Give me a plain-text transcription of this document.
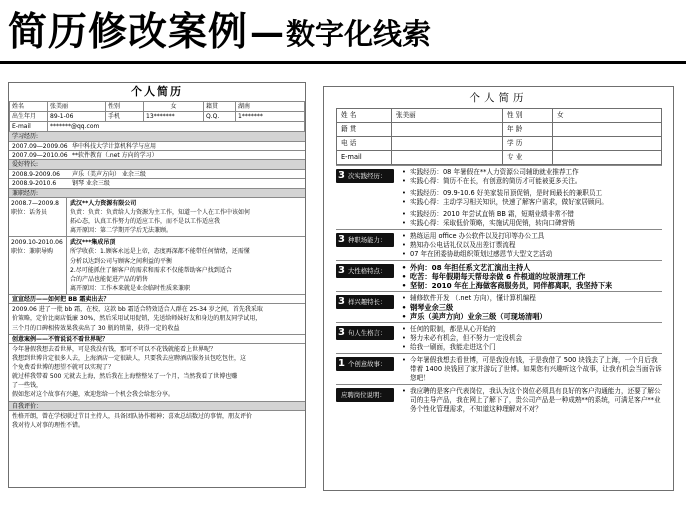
简历修改案例 — 数字化线索
个人简历
姓名	张美丽	性别	女	籍贯	湖南
出生年月	89-1-06	手机	13*******	Q.Q.	1*******
E-mail	*******@qq.com				
学习经历:
2007.09—2009.06 华中科技大学计算机科学与应用
2007.09—2010.06 **软件教育（.net 方向的学习）
爱好特长:
2008.9-2009.06 声乐（美声方向） 业余三级
2008.9-2010.6	钢琴 业余三级
兼职经历:
2008.7—2009.8
职位：话务员
武汉**人力资源有限公司
负责：负责：负责给人力资源为主工作，知道一个人在工作中该如何
拓心态，认真工作努力的适应工作，而不是以工作适应我
离开原因：第二学期开学后无法兼顾。
2009.10-2010.06
职位：兼职导购
武汉***集成吊顶
所学收获：1.顾客永远是上帝，态度再深都不能带任何情绪，还需懂
分析以达到公司与顾客之间利益的平衡
2.尽可能抓住了解客户的需求和需求不仅能帮助客户找到适合
合的产品也能促进产品的销售
离开原因：工作本来就是业余临时性质来兼职
宣宣经历——如何把 BB 霜卖出去？
2009.06 进了一批 bb 霜，在校，这款 bb 霜适合特效适合人群在 25-34 岁之间，首先我采取
价策略，定价比商店低廉 30%，然后采用试用促销，先送给师妹好友和身边的朋友同学试用，
三个月的口碑相传效果我卖出了 30 瓶的销量，获得一定的收益
创意案例——不管说说不看世界呢？
今年暑假我想去看世界，可是我没有钱，那可不可以不花钱就能看上世界呢？
我想到世博肯定很多人去，上海酒店一定很缺人，只要我去应聘酒店服务员包吃包住，这
个免费看世博的想望不就可以实现了？
就过样我带着 500 元就去上海，然后我在上海整整呆了一个月，当然我看了世博也赚
了一些钱，
假如您对这个故事有兴趣，欢迎您给一个机会我会给您分享。
自我评价：
性格开朗，曾在学校联过节目主持人，具备团队协作精神；喜欢总结数过的事情，朋友评价
我对待人对事的理性不错。
个人简历
姓 名	张美丽	性 别	女
籍 贯		年 龄	
电 话		学 历	
E-mail		专 业	
3 次实践经历：	• 实践经历：08 年暑假在**人力资源公司辅助就业推荐工作
• 实践心得：简历不在长，有创意的简历才可能被更多关注。
• 实践经历：09.9-10.6 好美家装吊顶促销，是时间最长的兼职员工
• 实践心得：主动学习相关知识，快速了解客户需求，做好家居顾问。
• 实践经历：2010 年尝试直销 BB 霜，短期业绩非常不错
• 实践心得：采取低价策略，实施试用促销，转向口碑营销
3 种职场能力：	• 熟练运用 office 办公软件以及打印等办公工具
• 熟知办公电话礼仪以及出差订票流程
• 07 年在团委协助组织策划过感恩节大型文艺活动
3 大性格特点：	• 外向：08 年担任系文艺汇演出主持人
• 吃苦：每年假期每天帮母亲做 6 件根道的垃圾清理工作
• 坚韧：2010 年在上海做客商服务员，同伴都离职，我坚持下来
3 样兴趣特长：	• 辅修软件开发 （.net 方向），懂计算机编程
• 钢琴业余三级
• 声乐（美声方向）业余三级（可现场清唱）
3 句人生格言：	• 任何的限制，都是从心开始的
• 努力未必有机会，但不努力一定没机会
• 给我一刷面，我能走进这个门
1 个创意故事：	• 今年暑假我想去看世博，可是我没有钱，于是我借了 500 块钱去了上海，一个月后我带着 1400 块钱回了家并游玩了世博。如果您有兴趣听这个故事，让我有机会当面告诉您吧！
应聘岗位说明：	• 我应聘的是客户代表岗位，我认为这个岗位必须具有良好的客户沟通能力，还要了解公司的主导产品，我在网上了解下了，贵公司产品是一种成熟**的系统，可满足客户**业务个性化管理需求，不知道这种理解对不对？
